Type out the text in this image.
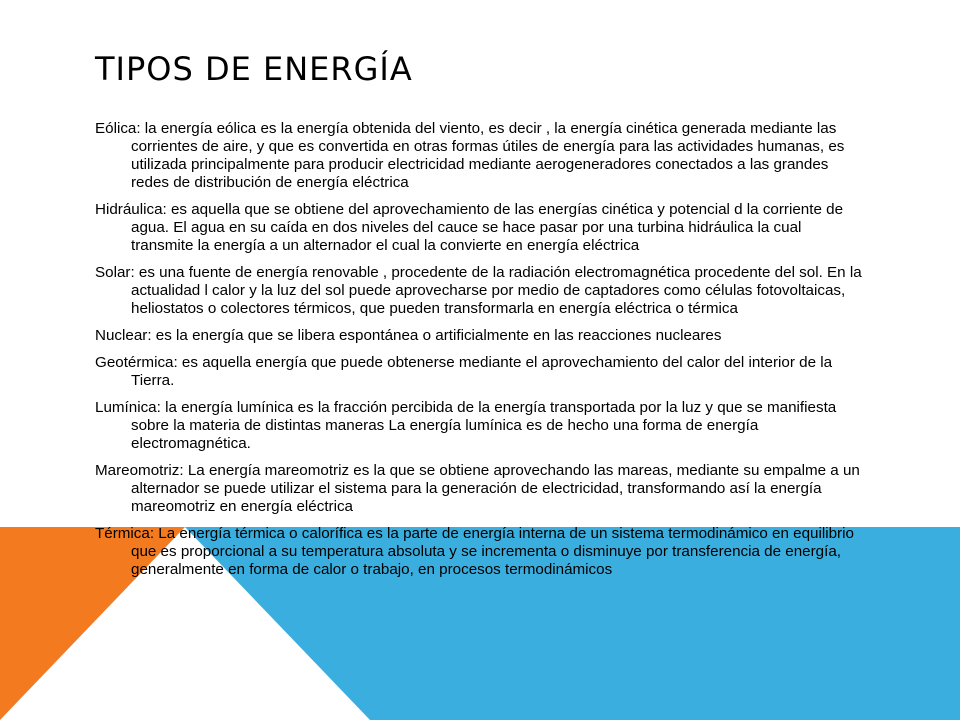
TIPOS DE ENERGÍA
Eólica: la energía eólica es la energía obtenida del viento, es decir , la energía cinética generada mediante las corrientes de aire, y que es convertida en otras formas útiles de energía para las actividades humanas, es utilizada principalmente para producir electricidad mediante aerogeneradores conectados a las grandes redes de distribución de energía eléctrica
Hidráulica: es aquella que se obtiene del aprovechamiento de las energías cinética y potencial d la corriente de agua. El agua en su caída en dos niveles del cauce se hace pasar por una turbina hidráulica la cual transmite la energía a un alternador el cual la convierte en energía eléctrica
Solar: es una fuente de energía renovable , procedente de la radiación electromagnética procedente del sol. En la actualidad l calor y la luz del sol puede aprovecharse por medio de captadores como células fotovoltaicas, heliostatos o colectores térmicos, que pueden transformarla en energía eléctrica o térmica
Nuclear: es la energía que se libera espontánea o artificialmente en las reacciones nucleares
Geotérmica: es aquella energía que puede obtenerse mediante el aprovechamiento del calor del interior de la Tierra.
Lumínica: la energía lumínica es la fracción percibida de la energía transportada por la luz y que se manifiesta sobre la materia de distintas maneras La energía lumínica es de hecho una forma de energía electromagnética.
Mareomotriz: La energía mareomotriz es la que se obtiene aprovechando las mareas, mediante su empalme a un alternador se puede utilizar el sistema para la generación de electricidad, transformando así la energía mareomotriz en energía eléctrica
Térmica: La energía térmica o calorífica es la parte de energía interna de un sistema termodinámico en equilibrio que es proporcional a su temperatura absoluta y se incrementa o disminuye por transferencia de energía, generalmente en forma de calor o trabajo, en procesos termodinámicos
